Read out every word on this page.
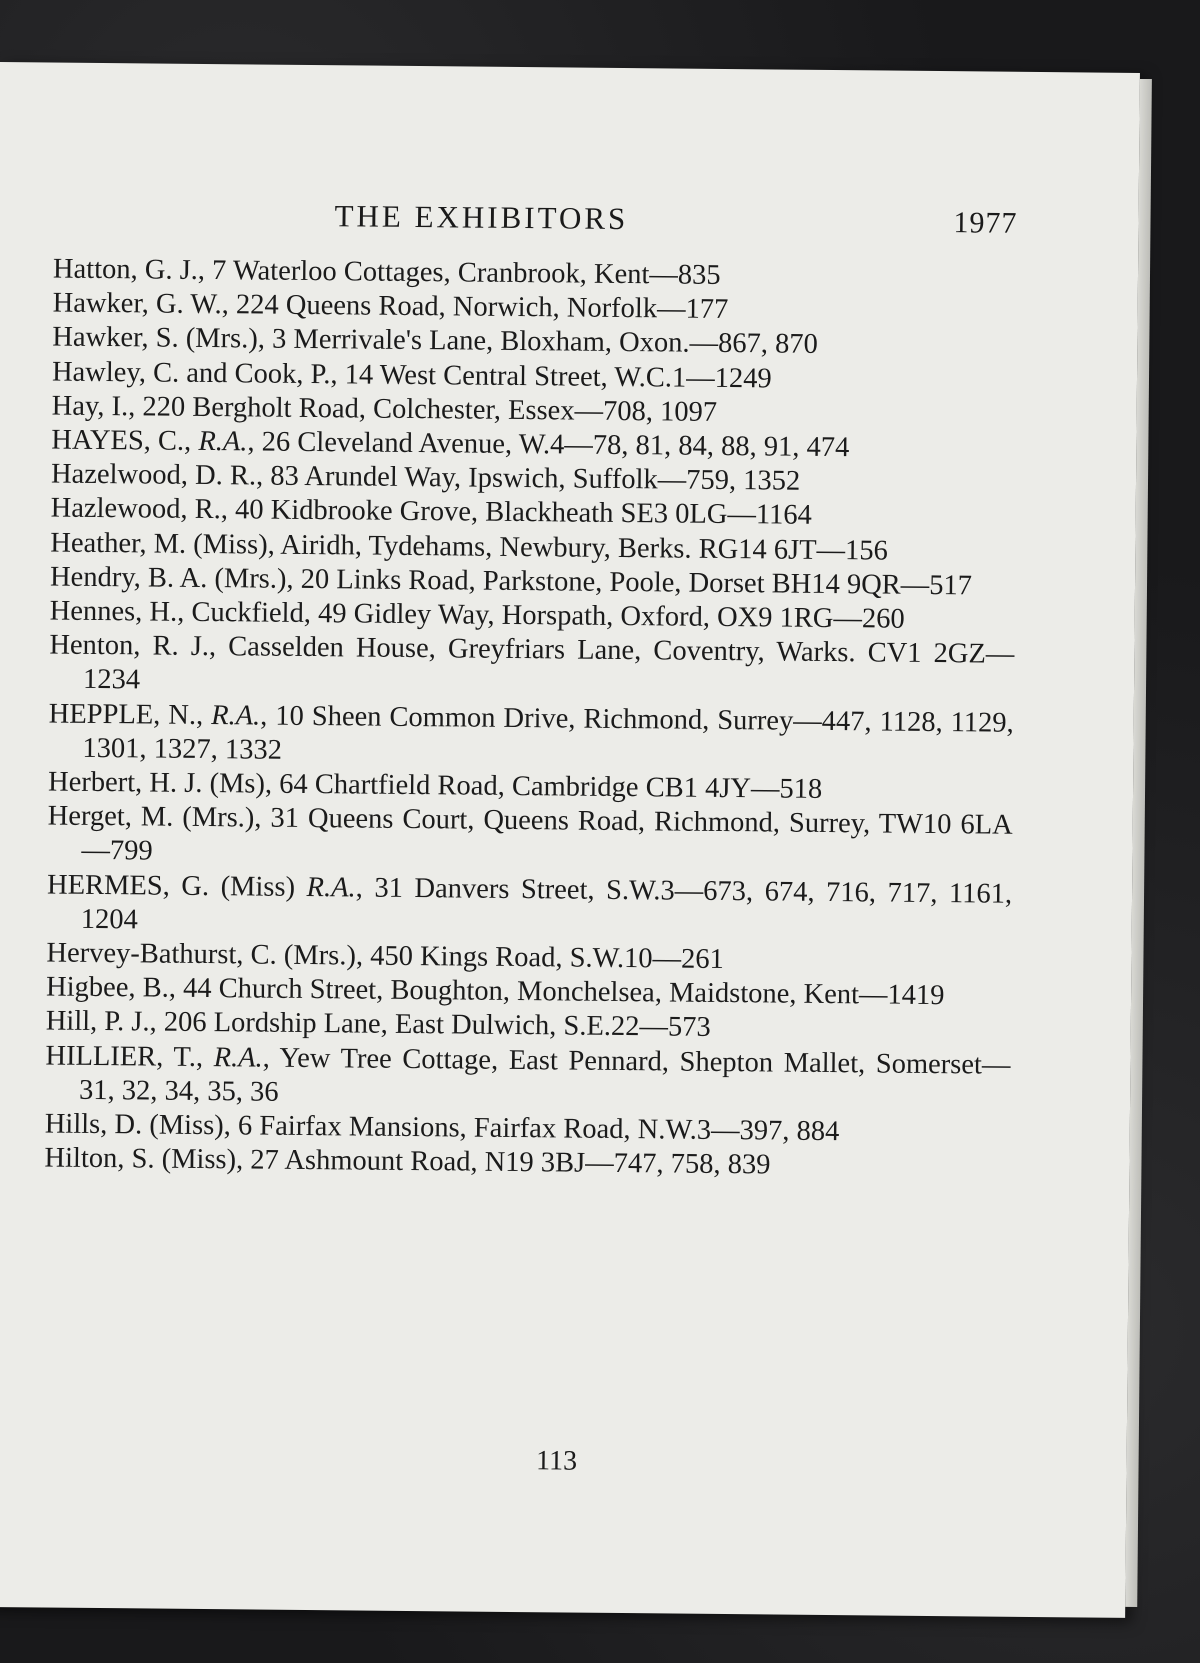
THE EXHIBITORS	1977
Hatton, G. J., 7 Waterloo Cottages, Cranbrook, Kent—835
Hawker, G. W., 224 Queens Road, Norwich, Norfolk—177
Hawker, S. (Mrs.), 3 Merrivale's Lane, Bloxham, Oxon.—867, 870
Hawley, C. and Cook, P., 14 West Central Street, W.C.1—1249
Hay, I., 220 Bergholt Road, Colchester, Essex—708, 1097
HAYES, C., R.A., 26 Cleveland Avenue, W.4—78, 81, 84, 88, 91, 474
Hazelwood, D. R., 83 Arundel Way, Ipswich, Suffolk—759, 1352
Hazlewood, R., 40 Kidbrooke Grove, Blackheath SE3 0LG—1164
Heather, M. (Miss), Airidh, Tydehams, Newbury, Berks. RG14 6JT—156
Hendry, B. A. (Mrs.), 20 Links Road, Parkstone, Poole, Dorset BH14 9QR—517
Hennes, H., Cuckfield, 49 Gidley Way, Horspath, Oxford, OX9 1RG—260
Henton, R. J., Casselden House, Greyfriars Lane, Coventry, Warks. CV1 2GZ—1234
HEPPLE, N., R.A., 10 Sheen Common Drive, Richmond, Surrey—447, 1128, 1129, 1301, 1327, 1332
Herbert, H. J. (Ms), 64 Chartfield Road, Cambridge CB1 4JY—518
Herget, M. (Mrs.), 31 Queens Court, Queens Road, Richmond, Surrey, TW10 6LA—799
HERMES, G. (Miss) R.A., 31 Danvers Street, S.W.3—673, 674, 716, 717, 1161, 1204
Hervey-Bathurst, C. (Mrs.), 450 Kings Road, S.W.10—261
Higbee, B., 44 Church Street, Boughton, Monchelsea, Maidstone, Kent—1419
Hill, P. J., 206 Lordship Lane, East Dulwich, S.E.22—573
HILLIER, T., R.A., Yew Tree Cottage, East Pennard, Shepton Mallet, Somerset—31, 32, 34, 35, 36
Hills, D. (Miss), 6 Fairfax Mansions, Fairfax Road, N.W.3—397, 884
Hilton, S. (Miss), 27 Ashmount Road, N19 3BJ—747, 758, 839
113
